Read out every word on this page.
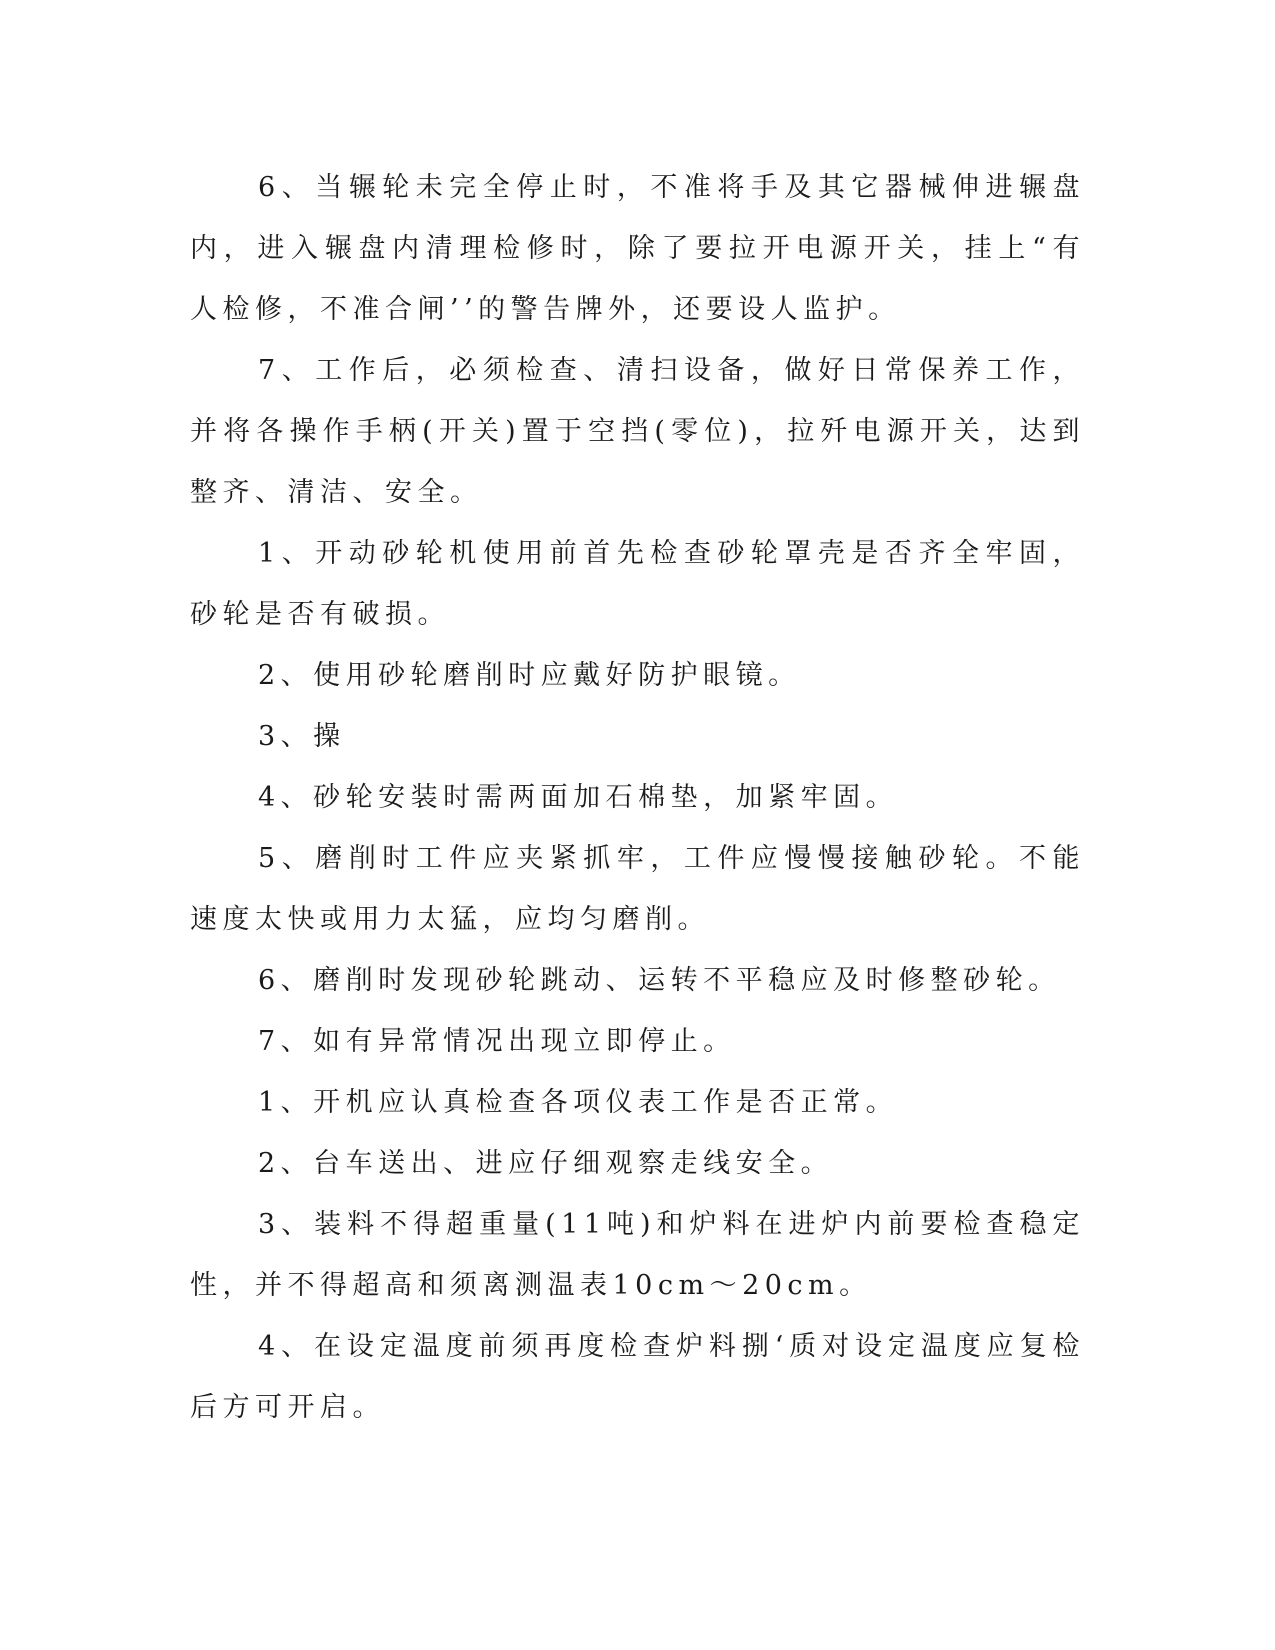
6、当辗轮未完全停止时，不准将手及其它器械伸进辗盘内，进入辗盘内清理检修时，除了要拉开电源开关，挂上“有人检修，不准合闸’’的警告牌外，还要设人监护。

7、工作后，必须检查、清扫设备，做好日常保养工作，并将各操作手柄(开关)置于空挡(零位)，拉歼电源开关，达到整齐、清洁、安全。

1、开动砂轮机使用前首先检查砂轮罩壳是否齐全牢固，砂轮是否有破损。

2、使用砂轮磨削时应戴好防护眼镜。

3、操

4、砂轮安装时需两面加石棉垫，加紧牢固。

5、磨削时工件应夹紧抓牢，工件应慢慢接触砂轮。不能速度太快或用力太猛，应均匀磨削。

6、磨削时发现砂轮跳动、运转不平稳应及时修整砂轮。

7、如有异常情况出现立即停止。

1、开机应认真检查各项仪表工作是否正常。

2、台车送出、进应仔细观察走线安全。

3、装料不得超重量(11吨)和炉料在进炉内前要检查稳定性，并不得超高和须离测温表10cm～20cm。

4、在设定温度前须再度检查炉料捌‘质对设定温度应复检后方可开启。
